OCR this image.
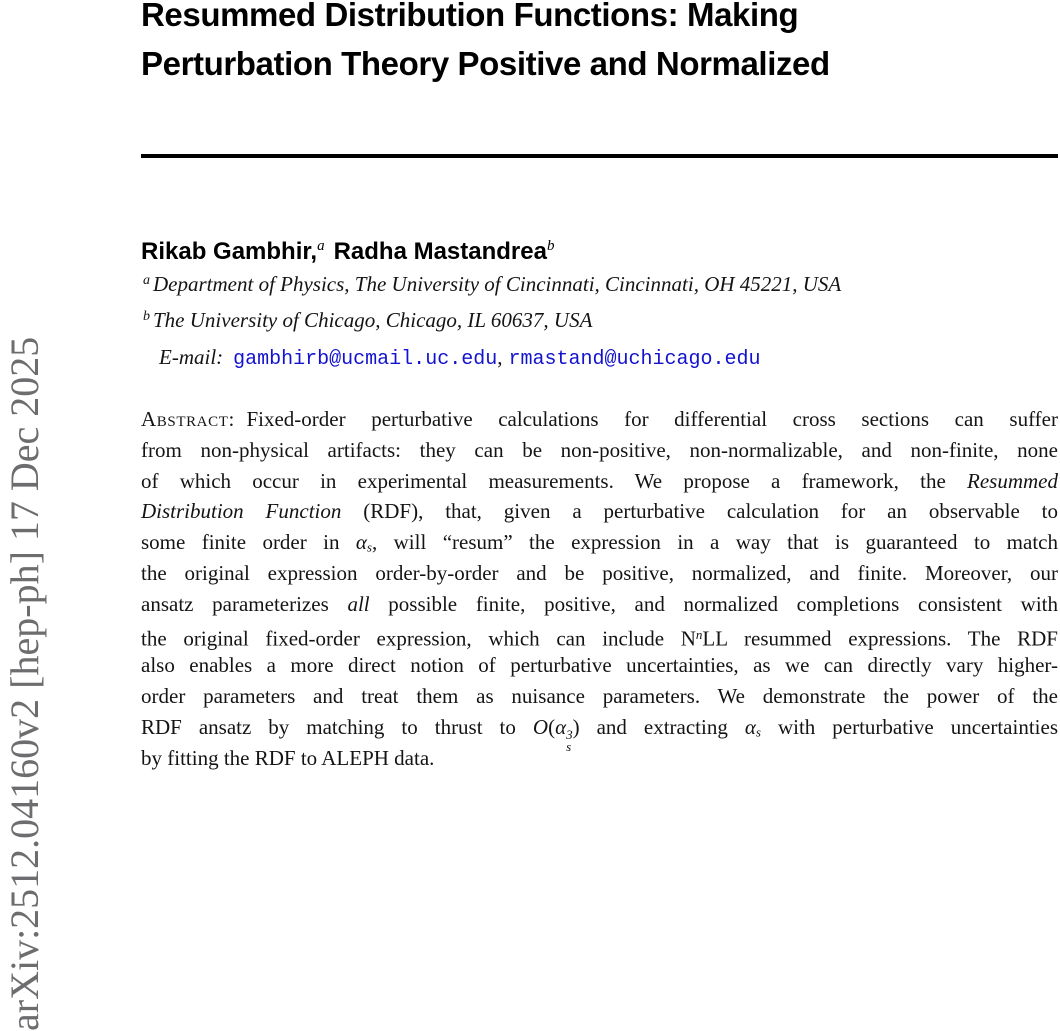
arXiv:2512.04160v2 [hep-ph] 17 Dec 2025
Resummed Distribution Functions: Making
Perturbation Theory Positive and Normalized
Rikab Gambhir,$^a$ Radha Mastandrea$^b$
$^a$ Department of Physics, The University of Cincinnati, Cincinnati, OH 45221, USA
$^b$ The University of Chicago, Chicago, IL 60637, USA
E-mail: gambhirb@ucmail.uc.edu, rmastand@uchicago.edu
Abstract: Fixed-order perturbative calculations for differential cross sections can suffer
from non-physical artifacts: they can be non-positive, non-normalizable, and non-finite, none
of which occur in experimental measurements. We propose a framework, the Resummed
Distribution Function (RDF), that, given a perturbative calculation for an observable to
some finite order in $\alpha_s$, will “resum” the expression in a way that is guaranteed to match
the original expression order-by-order and be positive, normalized, and finite. Moreover, our
ansatz parameterizes all possible finite, positive, and normalized completions consistent with
the original fixed-order expression, which can include $N^nLL$ resummed expressions. The RDF
also enables a more direct notion of perturbative uncertainties, as we can directly vary higher-
order parameters and treat them as nuisance parameters. We demonstrate the power of the
RDF ansatz by matching to thrust to O(α 3
s
) and extracting $\alpha_s$ with perturbative uncertainties
by fitting the RDF to ALEPH data.
